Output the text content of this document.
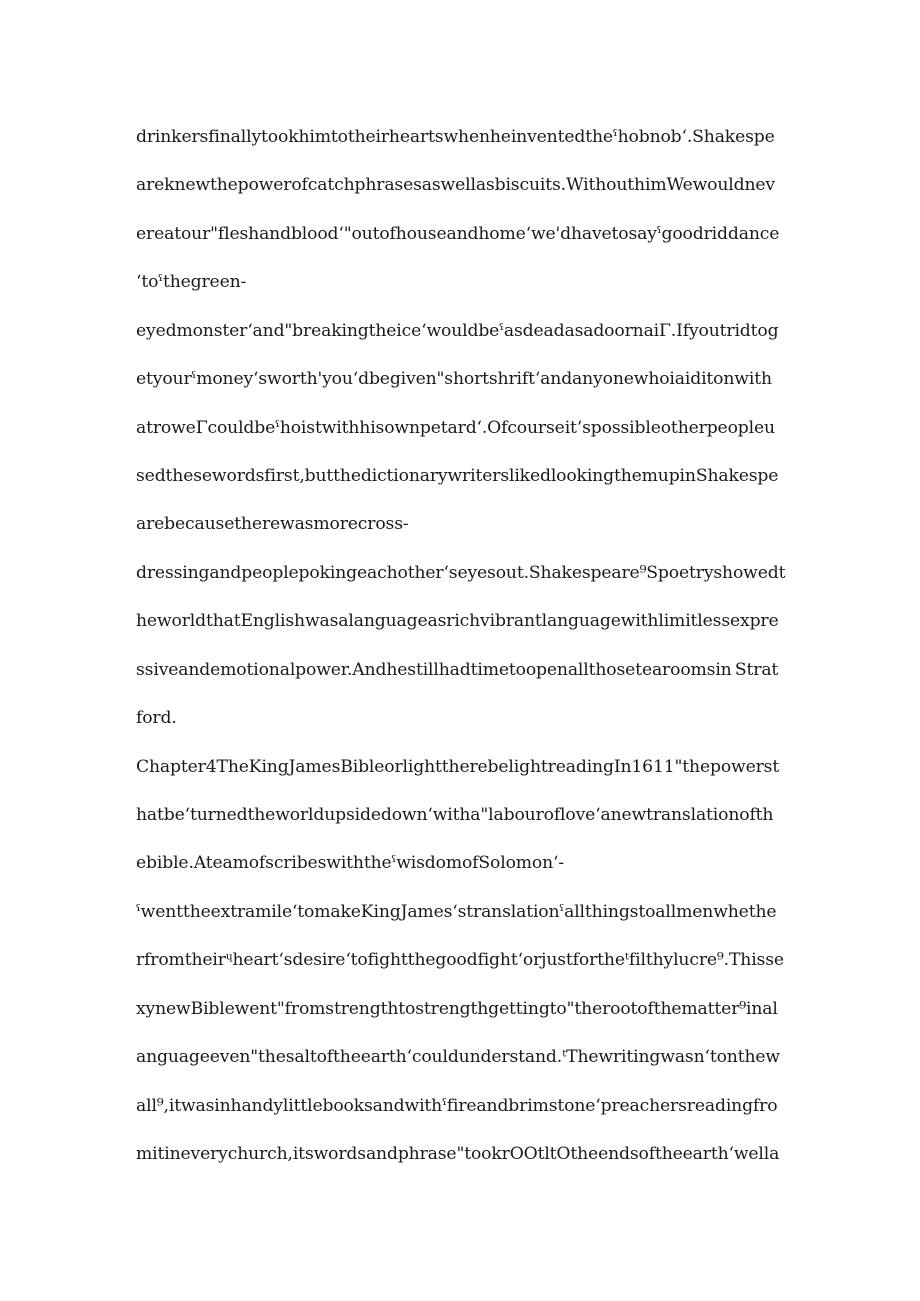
drinkersfinallytookhimtotheirheartswhenheinventedtheˁhobnobʻ.Shakespe
areknewthepowerofcatchphrasesaswellasbiscuits.WithouthimWewouldnev
ereatour"fleshandbloodʻ"outofhouseandhomeʻwe'dhavetosayˁgoodriddance
ʻtoˁthegreen-
eyedmonsterʻand"breakingtheiceʻwouldbeˁasdeadasadoornaiΓ.Ifyoutridtog
etyourˁmoneyʻsworth'youʻdbegiven"shortshriftʻandanyonewhoiaiditonwith
atroweΓcouldbeˁhoistwithhisownpetardʻ.Ofcourseitʻspossibleotherpeopleu
sedthesewordsfirst,butthedictionarywriterslikedlookingthemupinShakespe
arebecausetherewasmorecross-
dressingandpeoplepokingeachotherʻseyesout.Shakespeare⁹Spoetryshowedt
heworldthatEnglishwasalanguageasrichvibrantlanguagewithlimitlessexpre
ssiveandemotionalpower.Andhestillhadtimetoopenallthosetearoomsin Strat
ford.
Chapter4TheKingJamesBibleorlighttherebelightreadingIn1611"thepowerst
hatbeʻturnedtheworldupsidedownʻwitha"labourofloveʻanewtranslationofth
ebible.AteamofscribeswiththeˁwisdomofSolomonʻ-
ˁwenttheextramileʻtomakeKingJamesʻstranslationˁallthingstoallmenwhethe
rfromtheirᶣheartʻsdesireʻtofightthegoodfightʻorjustfortheᵗfilthylucre⁹.Thisse
xynewBiblewent"fromstrengthtostrengthgettingto"therootofthematter⁹inal
anguageeven"thesaltoftheearthʻcouldunderstand.ᵗThewritingwasnʻtonthew
all⁹,itwasinhandylittlebooksandwithˁfireandbrimstoneʻpreachersreadingfro
mitineverychurch,itswordsandphrase"tookrOOtltOtheendsoftheearthʻwella
